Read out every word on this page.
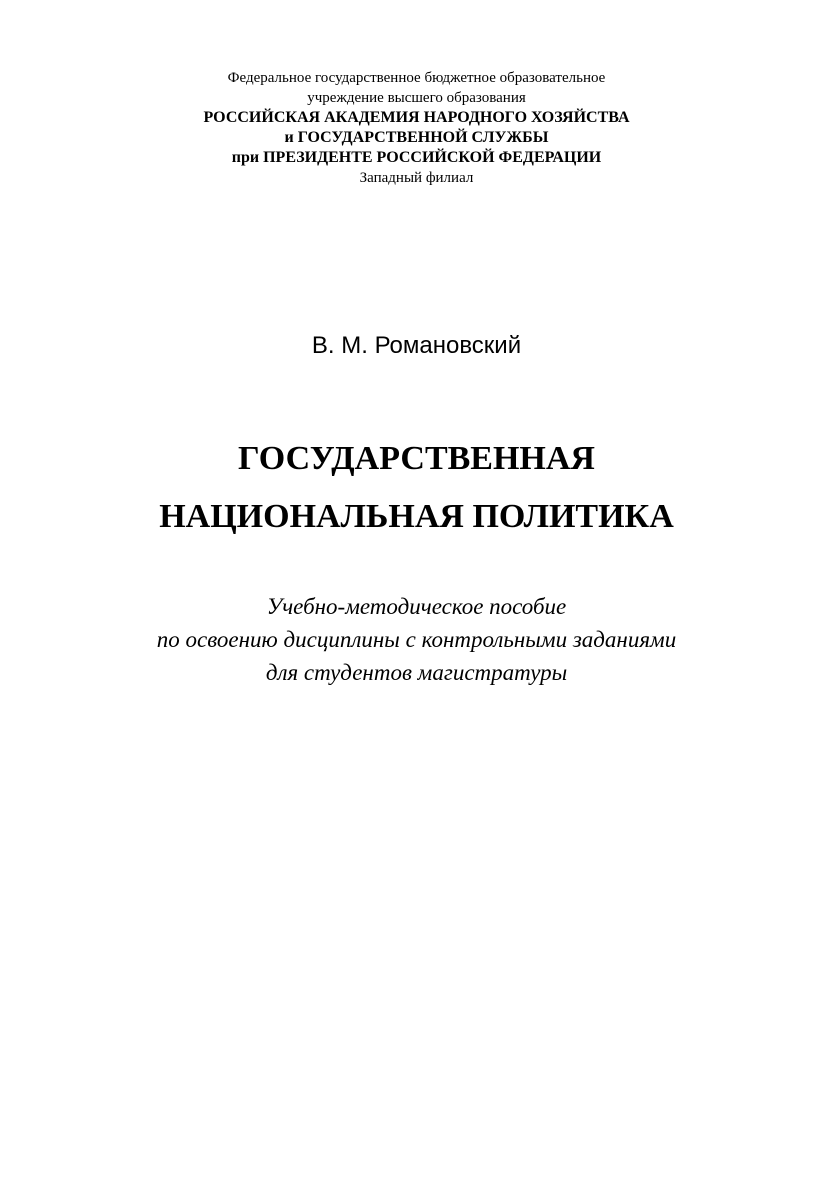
Федеральное государственное бюджетное образовательное
учреждение высшего образования
РОССИЙСКАЯ АКАДЕМИЯ НАРОДНОГО ХОЗЯЙСТВА
и ГОСУДАРСТВЕННОЙ СЛУЖБЫ
при ПРЕЗИДЕНТЕ РОССИЙСКОЙ ФЕДЕРАЦИИ
Западный филиал
В. М. Романовский
ГОСУДАРСТВЕННАЯ
НАЦИОНАЛЬНАЯ ПОЛИТИКА
Учебно-методическое пособие
по освоению дисциплины с контрольными заданиями
для студентов магистратуры
